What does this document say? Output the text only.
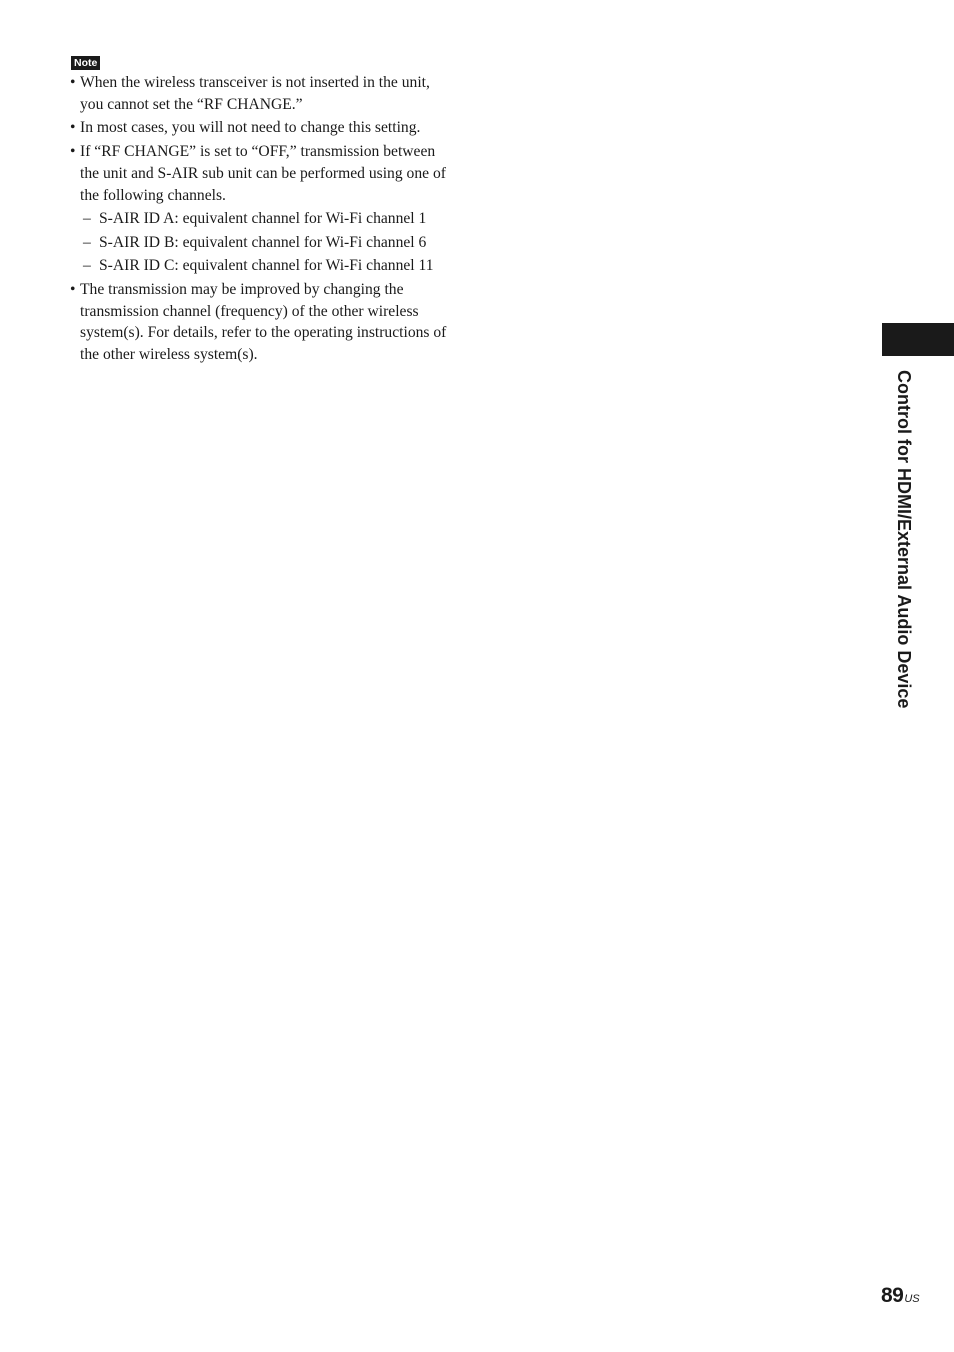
Note
• When the wireless transceiver is not inserted in the unit, you cannot set the “RF CHANGE.”
• In most cases, you will not need to change this setting.
• If “RF CHANGE” is set to “OFF,” transmission between the unit and S-AIR sub unit can be performed using one of the following channels.
– S-AIR ID A: equivalent channel for Wi-Fi channel 1
– S-AIR ID B: equivalent channel for Wi-Fi channel 6
– S-AIR ID C: equivalent channel for Wi-Fi channel 11
• The transmission may be improved by changing the transmission channel (frequency) of the other wireless system(s). For details, refer to the operating instructions of the other wireless system(s).
Control for HDMI/External Audio Device
$89^{US}$
